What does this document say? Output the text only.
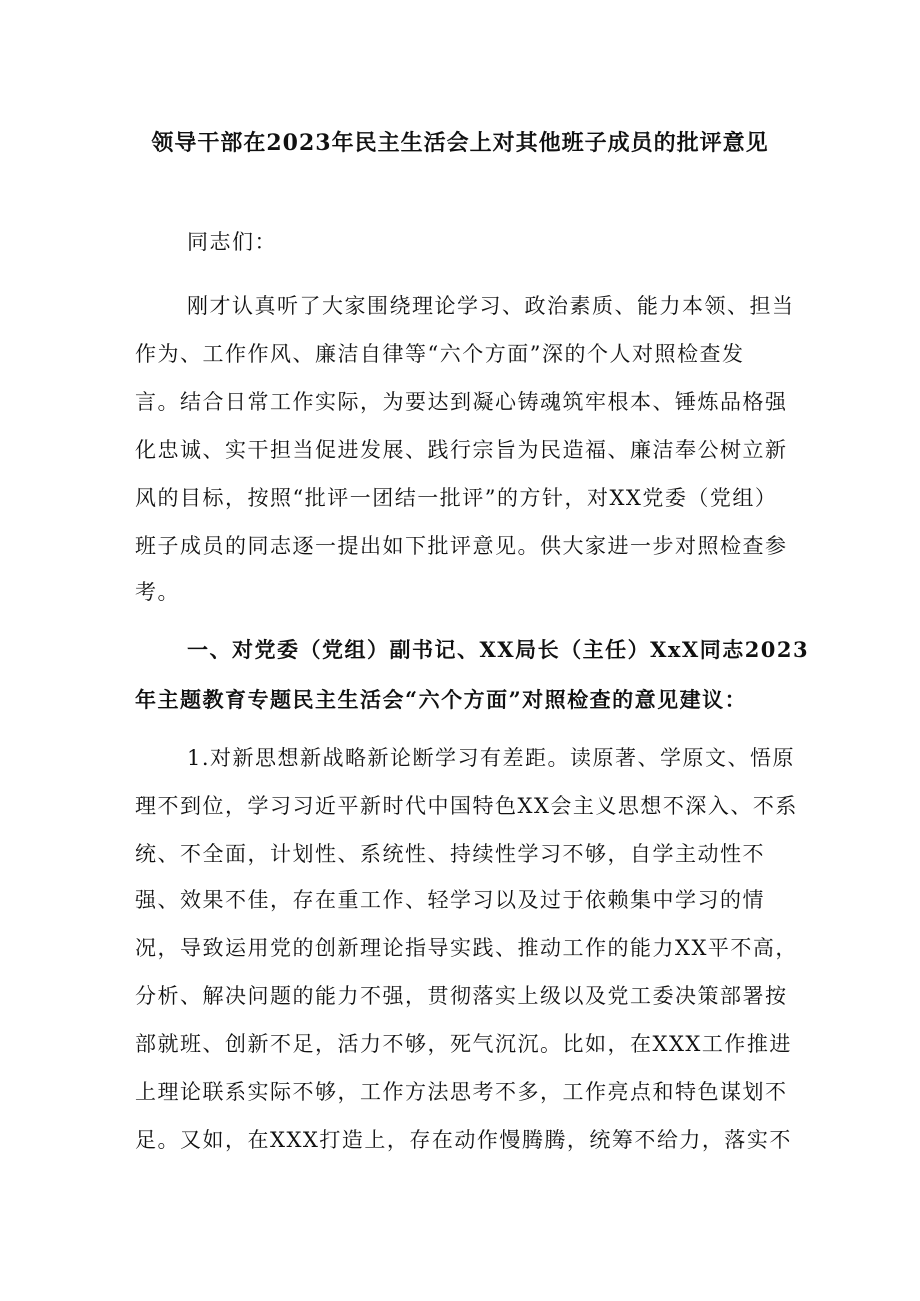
领导干部在2023年民主生活会上对其他班子成员的批评意见
同志们：
刚才认真听了大家围绕理论学习、政治素质、能力本领、担当
作为、工作作风、廉洁自律等“六个方面”深的个人对照检查发
言。结合日常工作实际，为要达到凝心铸魂筑牢根本、锤炼品格强
化忠诚、实干担当促进发展、践行宗旨为民造福、廉洁奉公树立新
风的目标，按照“批评一团结一批评”的方针，对XX党委（党组）
班子成员的同志逐一提出如下批评意见。供大家进一步对照检查参
考。
一、对党委（党组）副书记、XX局长（主任）XxX同志2023
年主题教育专题民主生活会“六个方面”对照检查的意见建议：
1.对新思想新战略新论断学习有差距。读原著、学原文、悟原
理不到位，学习习近平新时代中国特色XX会主义思想不深入、不系
统、不全面，计划性、系统性、持续性学习不够，自学主动性不
强、效果不佳，存在重工作、轻学习以及过于依赖集中学习的情
况，导致运用党的创新理论指导实践、推动工作的能力XX平不高，
分析、解决问题的能力不强，贯彻落实上级以及党工委决策部署按
部就班、创新不足，活力不够，死气沉沉。比如，在XXX工作推进
上理论联系实际不够，工作方法思考不多，工作亮点和特色谋划不
足。又如，在XXX打造上，存在动作慢腾腾，统筹不给力，落实不
